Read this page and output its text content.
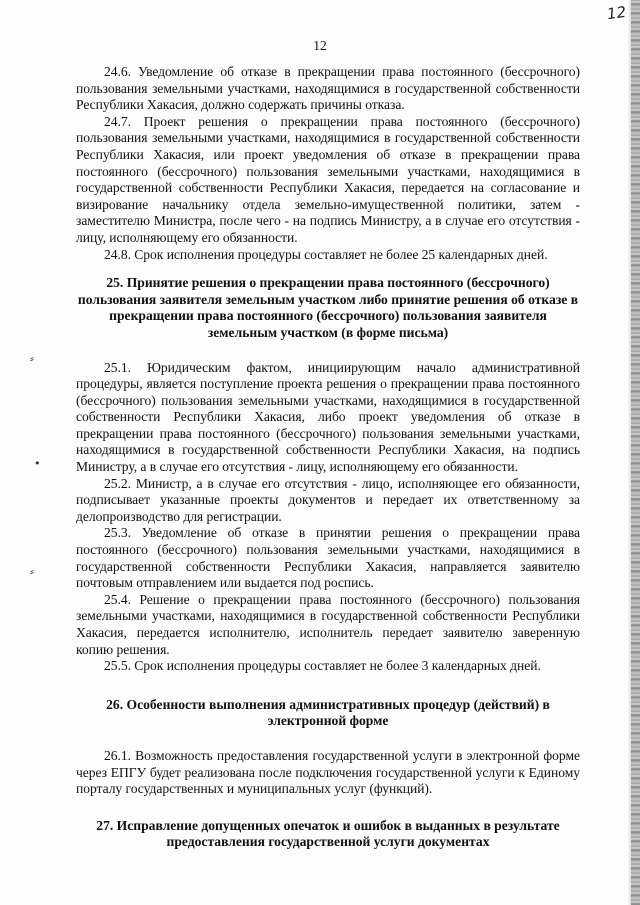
12
12
⸗
•
⸗

24.6. Уведомление об отказе в прекращении права постоянного (бессрочного) пользования земельными участками, находящимися в государственной собственности Республики Хакасия, должно содержать причины отказа.

24.7. Проект решения о прекращении права постоянного (бессрочного) пользования земельными участками, находящимися в государственной собственности Республики Хакасия, или проект уведомления об отказе в прекращении права постоянного (бессрочного) пользования земельными участками, находящимися в государственной собственности Республики Хакасия, передается на согласование и визирование начальнику отдела земельно-имущественной политики, затем - заместителю Министра, после чего - на подпись Министру, а в случае его отсутствия - лицу, исполняющему его обязанности.

24.8. Срок исполнения процедуры составляет не более 25 календарных дней.

25. Принятие решения о прекращении права постоянного (бессрочного) пользования заявителя земельным участком либо принятие решения об отказе в прекращении права постоянного (бессрочного) пользования заявителя земельным участком (в форме письма)

25.1. Юридическим фактом, инициирующим начало административной процедуры, является поступление проекта решения о прекращении права постоянного (бессрочного) пользования земельными участками, находящимися в государственной собственности Республики Хакасия, либо проект уведомления об отказе в прекращении права постоянного (бессрочного) пользования земельными участками, находящимися в государственной собственности Республики Хакасия, на подпись Министру, а в случае его отсутствия - лицу, исполняющему его обязанности.

25.2. Министр, а в случае его отсутствия - лицо, исполняющее его обязанности, подписывает указанные проекты документов и передает их ответственному за делопроизводство для регистрации.

25.3. Уведомление об отказе в принятии решения о прекращении права постоянного (бессрочного) пользования земельными участками, находящимися в государственной собственности Республики Хакасия, направляется заявителю почтовым отправлением или выдается под роспись.

25.4. Решение о прекращении права постоянного (бессрочного) пользования земельными участками, находящимися в государственной собственности Республики Хакасия, передается исполнителю, исполнитель передает заявителю заверенную копию решения.

25.5. Срок исполнения процедуры составляет не более 3 календарных дней.

26. Особенности выполнения административных процедур (действий) в электронной форме

26.1. Возможность предоставления государственной услуги в электронной форме через ЕПГУ будет реализована после подключения государственной услуги к Единому порталу государственных и муниципальных услуг (функций).

27. Исправление допущенных опечаток и ошибок в выданных в результате предоставления государственной услуги документах
